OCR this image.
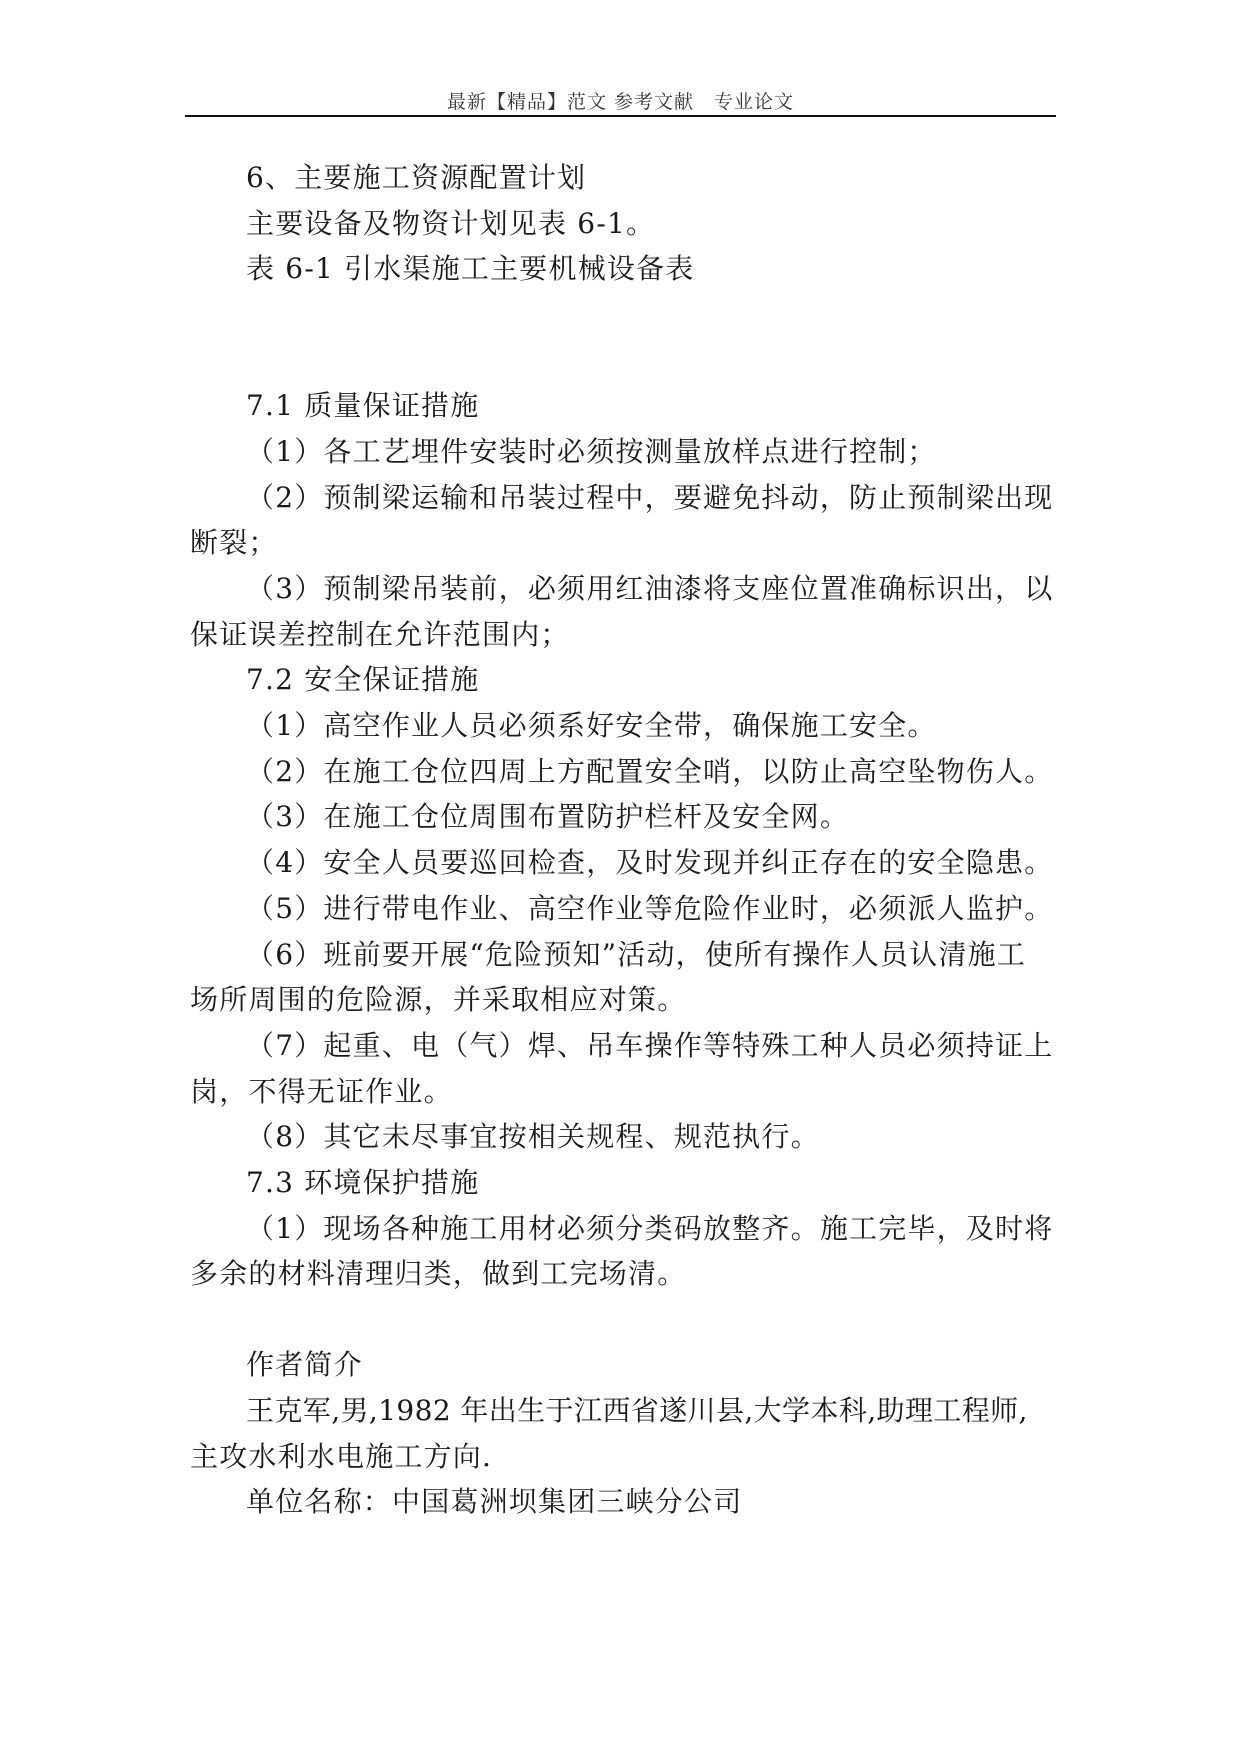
最新【精品】范文 参考文献　专业论文

6、主要施工资源配置计划

主要设备及物资计划见表 6-1。

表 6-1 引水渠施工主要机械设备表

7.1 质量保证措施

（1）各工艺埋件安装时必须按测量放样点进行控制；

（2）预制梁运输和吊装过程中，要避免抖动，防止预制梁出现

断裂；

（3）预制梁吊装前，必须用红油漆将支座位置准确标识出，以

保证误差控制在允许范围内；

7.2 安全保证措施

（1）高空作业人员必须系好安全带，确保施工安全。

（2）在施工仓位四周上方配置安全哨，以防止高空坠物伤人。

（3）在施工仓位周围布置防护栏杆及安全网。

（4）安全人员要巡回检查，及时发现并纠正存在的安全隐患。

（5）进行带电作业、高空作业等危险作业时，必须派人监护。

（6）班前要开展“危险预知”活动，使所有操作人员认清施工

场所周围的危险源，并采取相应对策。

（7）起重、电（气）焊、吊车操作等特殊工种人员必须持证上

岗，不得无证作业。

（8）其它未尽事宜按相关规程、规范执行。

7.3 环境保护措施

（1）现场各种施工用材必须分类码放整齐。施工完毕，及时将

多余的材料清理归类，做到工完场清。

作者简介

王克军,男,1982 年出生于江西省遂川县,大学本科,助理工程师,

主攻水利水电施工方向.

单位名称：中国葛洲坝集团三峡分公司
